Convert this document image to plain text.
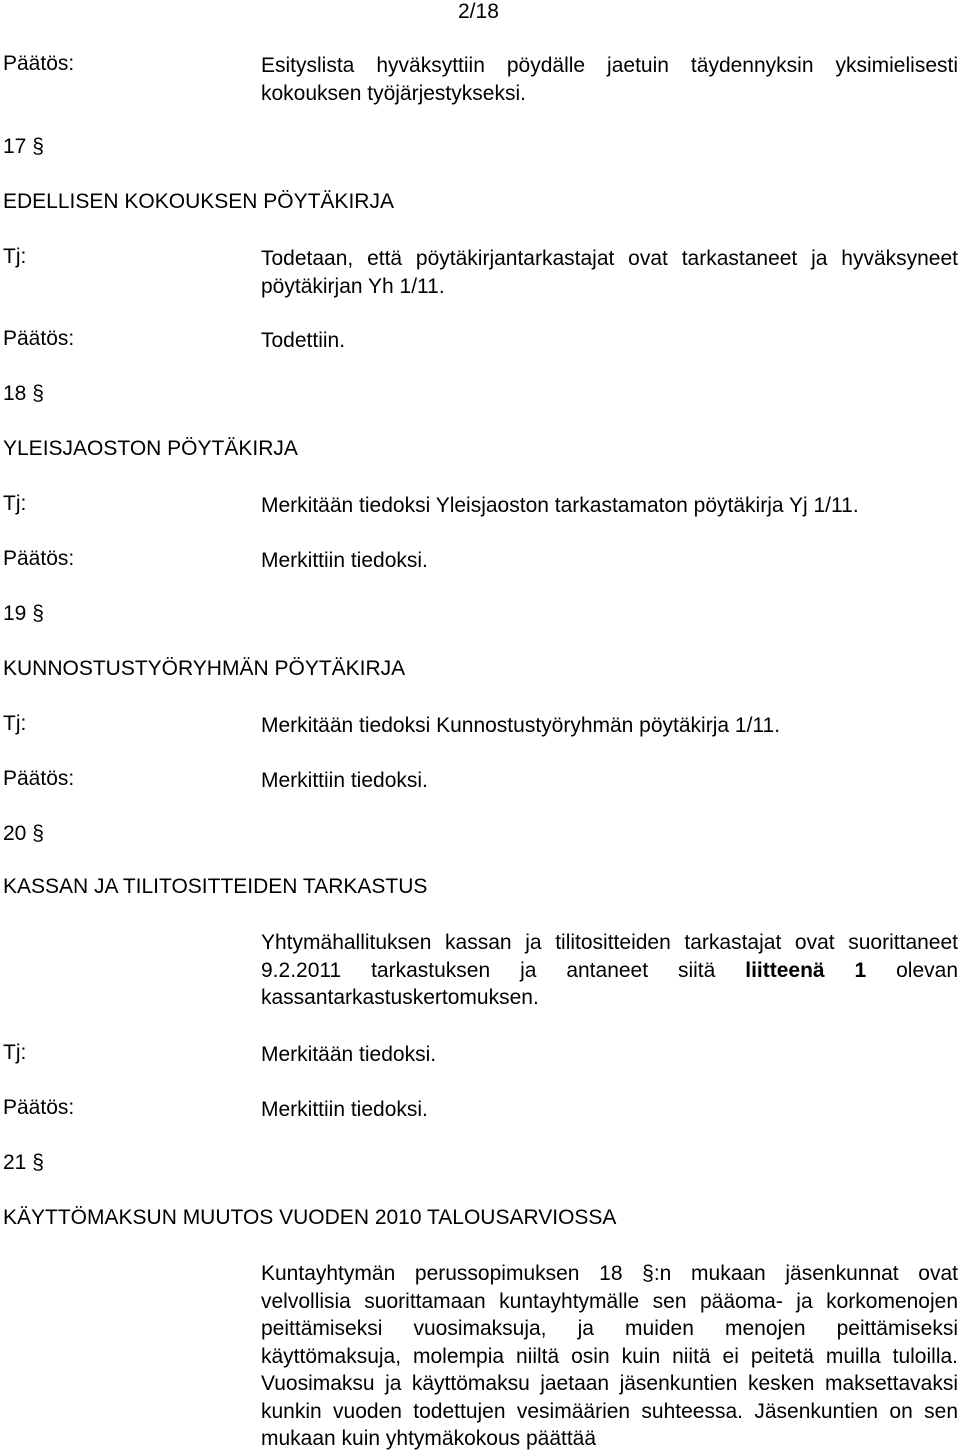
2/18
Päätös:	Esityslista hyväksyttiin pöydälle jaetuin täydennyksin yksimielisesti kokouksen työjärjestykseksi.
17 §
EDELLISEN KOKOUKSEN PÖYTÄKIRJA
Tj:	Todetaan, että pöytäkirjantarkastajat ovat tarkastaneet ja hyväksyneet pöytäkirjan Yh 1/11.
Päätös:	Todettiin.
18 §
YLEISJAOSTON PÖYTÄKIRJA
Tj:	Merkitään tiedoksi Yleisjaoston tarkastamaton pöytäkirja Yj 1/11.
Päätös:	Merkittiin tiedoksi.
19 §
KUNNOSTUSTYÖRYHMÄN PÖYTÄKIRJA
Tj:	Merkitään tiedoksi Kunnostustyöryhmän pöytäkirja 1/11.
Päätös:	Merkittiin tiedoksi.
20 §
KASSAN JA TILITOSITTEIDEN TARKASTUS
Yhtymähallituksen kassan ja tilitositteiden tarkastajat ovat suorittaneet 9.2.2011 tarkastuksen ja antaneet siitä liitteenä 1 olevan kassantarkastuskertomuksen.
Tj:	Merkitään tiedoksi.
Päätös:	Merkittiin tiedoksi.
21 §
KÄYTTÖMAKSUN MUUTOS VUODEN 2010 TALOUSARVIOSSA
Kuntayhtymän perussopimuksen 18 §:n mukaan jäsenkunnat ovat velvollisia suorittamaan kuntayhtymälle sen pääoma- ja korkomenojen peittämiseksi vuosimaksuja, ja muiden menojen peittämiseksi käyttömaksuja, molempia niiltä osin kuin niitä ei peitetä muilla tuloilla. Vuosimaksu ja käyttömaksu jaetaan jäsenkuntien kesken maksettavaksi kunkin vuoden todettujen vesimäärien suhteessa. Jäsenkuntien on sen mukaan kuin yhtymäkokous päättää
